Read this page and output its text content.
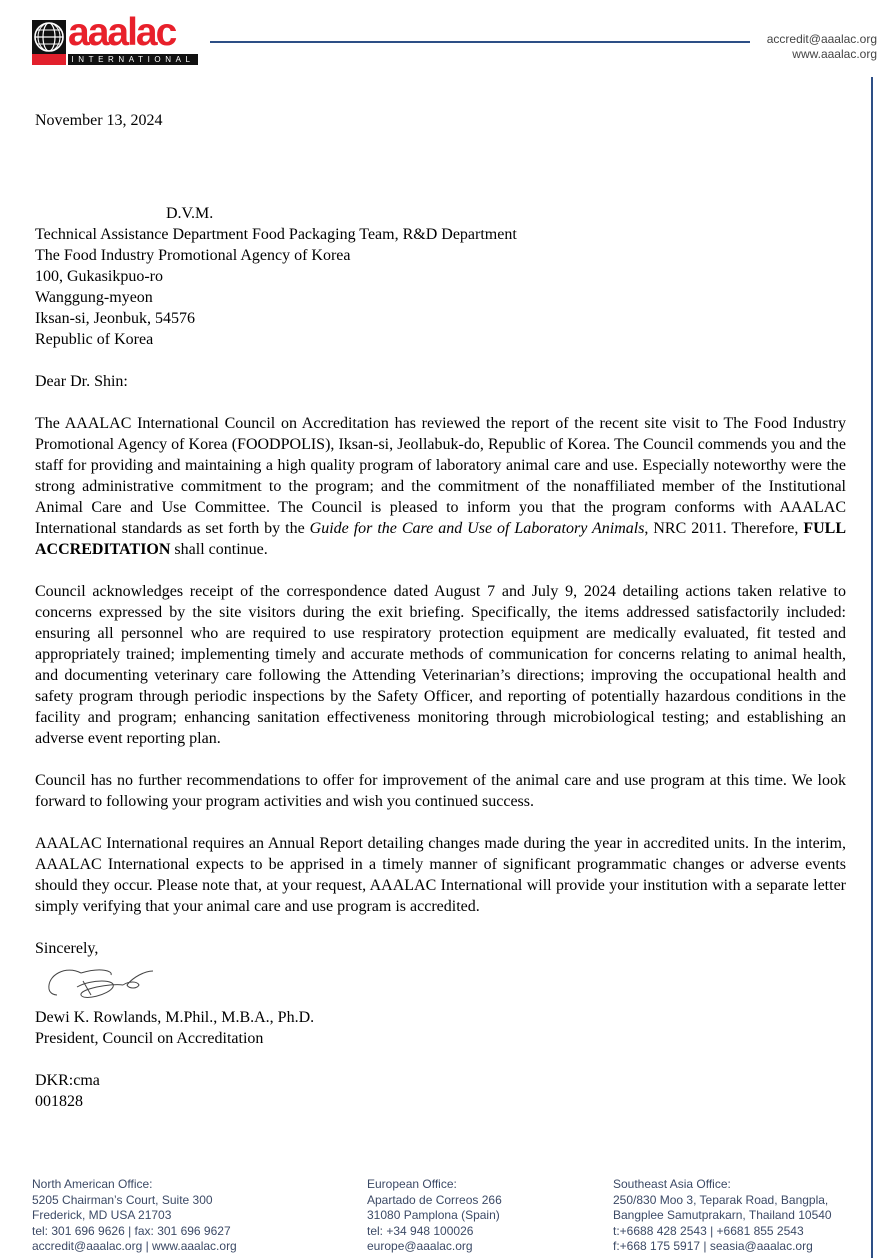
aaalac
INTERNATIONAL
accredit@aaalac.org
www.aaalac.org

November 13, 2024

D.V.M.
Technical Assistance Department Food Packaging Team, R&D Department
The Food Industry Promotional Agency of Korea
100, Gukasikpuo-ro
Wanggung-myeon
Iksan-si, Jeonbuk, 54576
Republic of Korea
Dear Dr. Shin:

The AAALAC International Council on Accreditation has reviewed the report of the recent site visit to The Food Industry Promotional Agency of Korea (FOODPOLIS), Iksan-si, Jeollabuk-do, Republic of Korea. The Council commends you and the staff for providing and maintaining a high quality program of laboratory animal care and use. Especially noteworthy were the strong administrative commitment to the program; and the commitment of the nonaffiliated member of the Institutional Animal Care and Use Committee. The Council is pleased to inform you that the program conforms with AAALAC International standards as set forth by the Guide for the Care and Use of Laboratory Animals, NRC 2011. Therefore, FULL ACCREDITATION shall continue.

Council acknowledges receipt of the correspondence dated August 7 and July 9, 2024 detailing actions taken relative to concerns expressed by the site visitors during the exit briefing. Specifically, the items addressed satisfactorily included: ensuring all personnel who are required to use respiratory protection equipment are medically evaluated, fit tested and appropriately trained; implementing timely and accurate methods of communication for concerns relating to animal health, and documenting veterinary care following the Attending Veterinarian’s directions; improving the occupational health and safety program through periodic inspections by the Safety Officer, and reporting of potentially hazardous conditions in the facility and program; enhancing sanitation effectiveness monitoring through microbiological testing; and establishing an adverse event reporting plan.

Council has no further recommendations to offer for improvement of the animal care and use program at this time. We look forward to following your program activities and wish you continued success.

AAALAC International requires an Annual Report detailing changes made during the year in accredited units. In the interim, AAALAC International expects to be apprised in a timely manner of significant programmatic changes or adverse events should they occur. Please note that, at your request, AAALAC International will provide your institution with a separate letter simply verifying that your animal care and use program is accredited.

Sincerely,
Dewi K. Rowlands, M.Phil., M.B.A., Ph.D.
President, Council on Accreditation
DKR:cma
001828
North American Office:
5205 Chairman’s Court, Suite 300
Frederick, MD USA 21703
tel: 301 696 9626 | fax: 301 696 9627
accredit@aaalac.org | www.aaalac.org
European Office:
Apartado de Correos 266
31080 Pamplona (Spain)
tel: +34 948 100026
europe@aaalac.org
Southeast Asia Office:
250/830 Moo 3, Teparak Road, Bangpla,
Bangplee Samutprakarn, Thailand 10540
t:+6688 428 2543 | +6681 855 2543
f:+668 175 5917 | seasia@aaalac.org
